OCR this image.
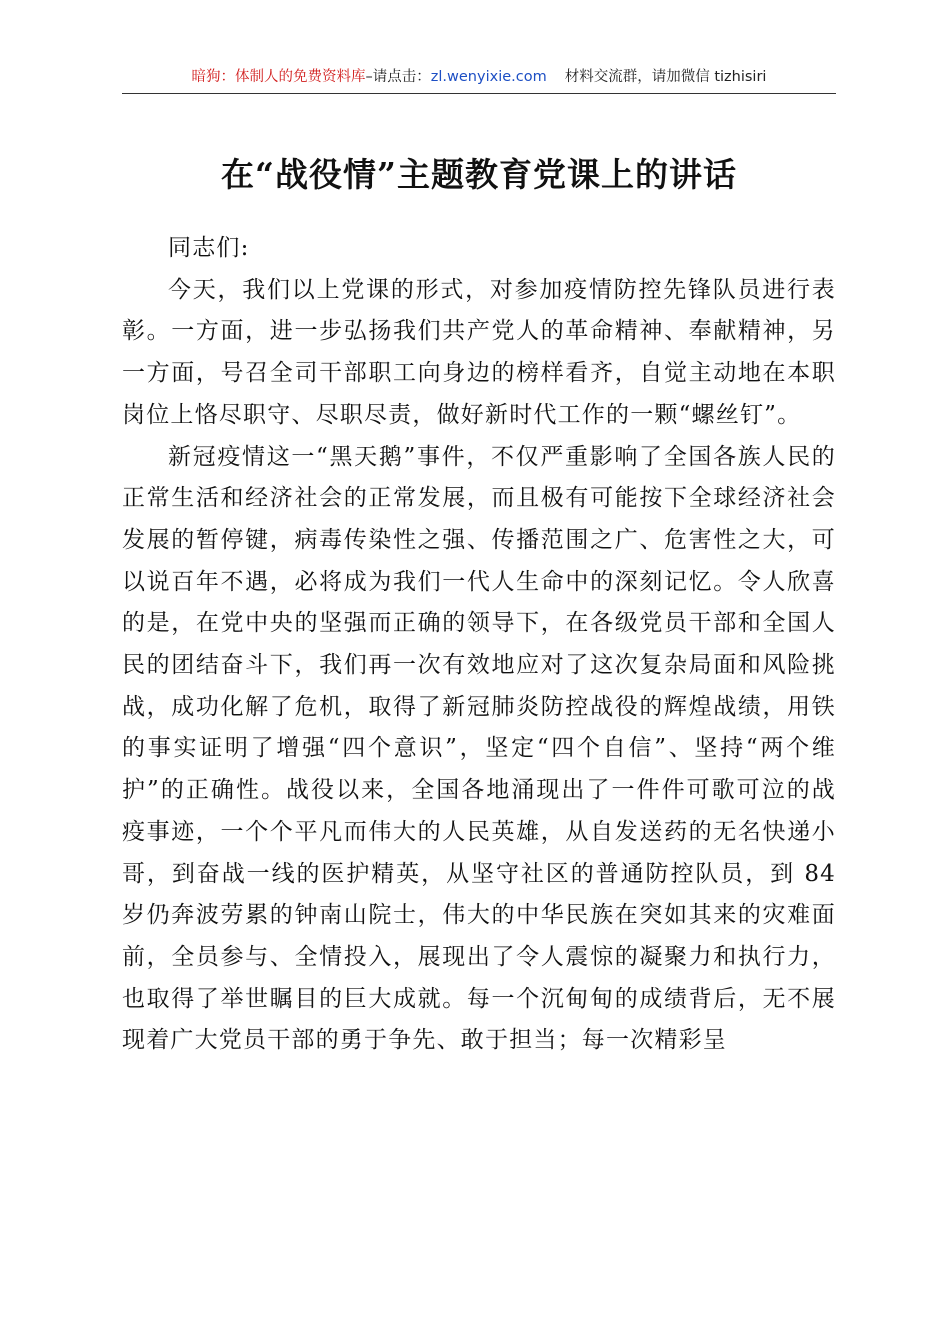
暗狗：体制人的免费资料库–请点击：zl.wenyixie.com 材料交流群，请加微信 tizhisiri
在“战役情”主题教育党课上的讲话

同志们:

今天，我们以上党课的形式，对参加疫情防控先锋队员进行表彰。一方面，进一步弘扬我们共产党人的革命精神、奉献精神，另一方面，号召全司干部职工向身边的榜样看齐，自觉主动地在本职岗位上恪尽职守、尽职尽责，做好新时代工作的一颗“螺丝钉”。

新冠疫情这一“黑天鹅”事件，不仅严重影响了全国各族人民的正常生活和经济社会的正常发展，而且极有可能按下全球经济社会发展的暂停键，病毒传染性之强、传播范围之广、危害性之大，可以说百年不遇，必将成为我们一代人生命中的深刻记忆。令人欣喜的是，在党中央的坚强而正确的领导下，在各级党员干部和全国人民的团结奋斗下，我们再一次有效地应对了这次复杂局面和风险挑战，成功化解了危机，取得了新冠肺炎防控战役的辉煌战绩，用铁的事实证明了增强“四个意识”，坚定“四个自信”、坚持“两个维护”的正确性。战役以来，全国各地涌现出了一件件可歌可泣的战疫事迹，一个个平凡而伟大的人民英雄，从自发送药的无名快递小哥，到奋战一线的医护精英，从坚守社区的普通防控队员，到 84 岁仍奔波劳累的钟南山院士，伟大的中华民族在突如其来的灾难面前，全员参与、全情投入，展现出了令人震惊的凝聚力和执行力，也取得了举世瞩目的巨大成就。每一个沉甸甸的成绩背后，无不展现着广大党员干部的勇于争先、敢于担当；每一次精彩呈
